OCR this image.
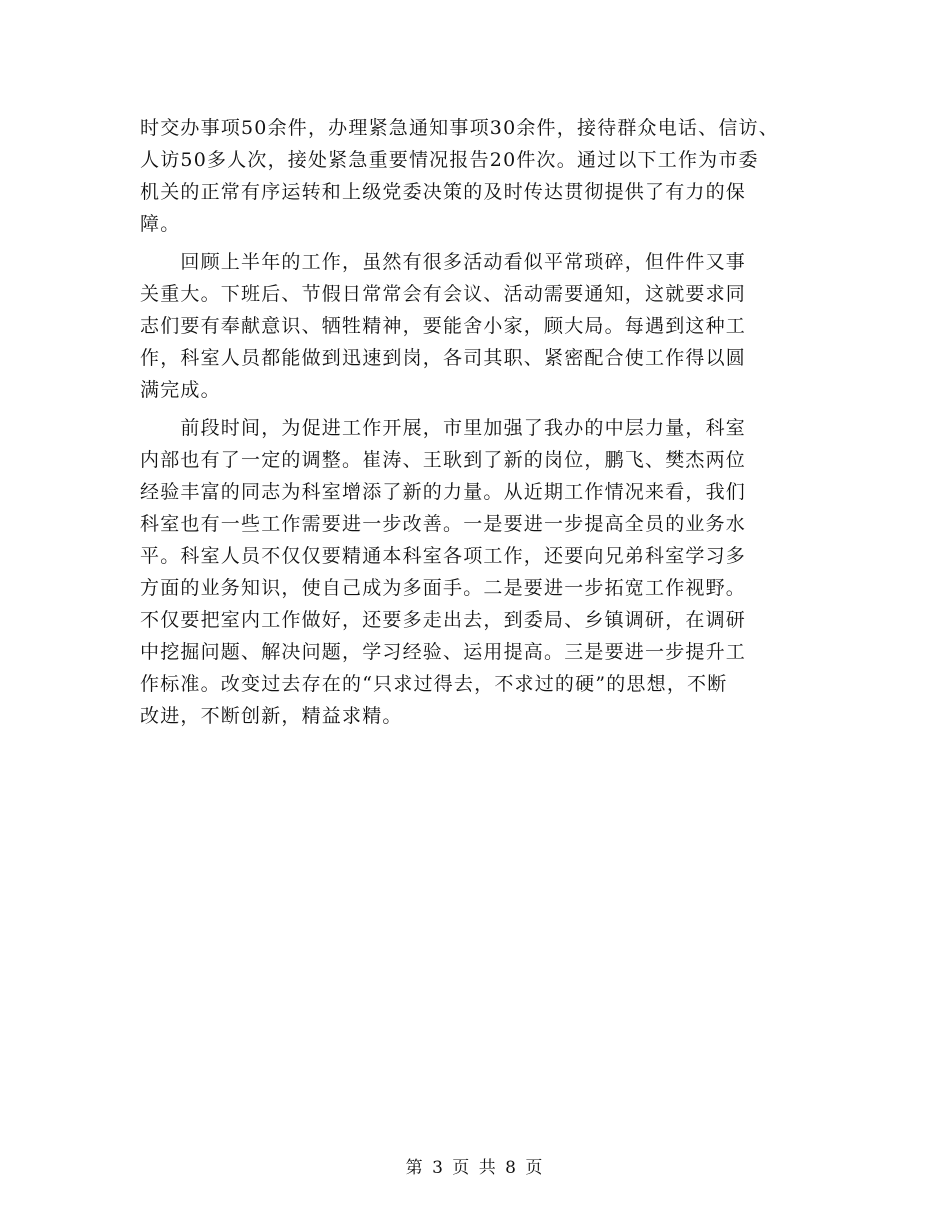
时交办事项50余件，办理紧急通知事项30余件，接待群众电话、信访、
人访50多人次，接处紧急重要情况报告20件次。通过以下工作为市委
机关的正常有序运转和上级党委决策的及时传达贯彻提供了有力的保
障。
　　回顾上半年的工作，虽然有很多活动看似平常琐碎，但件件又事
关重大。下班后、节假日常常会有会议、活动需要通知，这就要求同
志们要有奉献意识、牺牲精神，要能舍小家，顾大局。每遇到这种工
作，科室人员都能做到迅速到岗，各司其职、紧密配合使工作得以圆
满完成。
　　前段时间，为促进工作开展，市里加强了我办的中层力量，科室
内部也有了一定的调整。崔涛、王耿到了新的岗位，鹏飞、樊杰两位
经验丰富的同志为科室增添了新的力量。从近期工作情况来看，我们
科室也有一些工作需要进一步改善。一是要进一步提高全员的业务水
平。科室人员不仅仅要精通本科室各项工作，还要向兄弟科室学习多
方面的业务知识，使自己成为多面手。二是要进一步拓宽工作视野。
不仅要把室内工作做好，还要多走出去，到委局、乡镇调研，在调研
中挖掘问题、解决问题，学习经验、运用提高。三是要进一步提升工
作标准。改变过去存在的“只求过得去，不求过的硬”的思想，不断
改进，不断创新，精益求精。
第 3 页 共 8 页
